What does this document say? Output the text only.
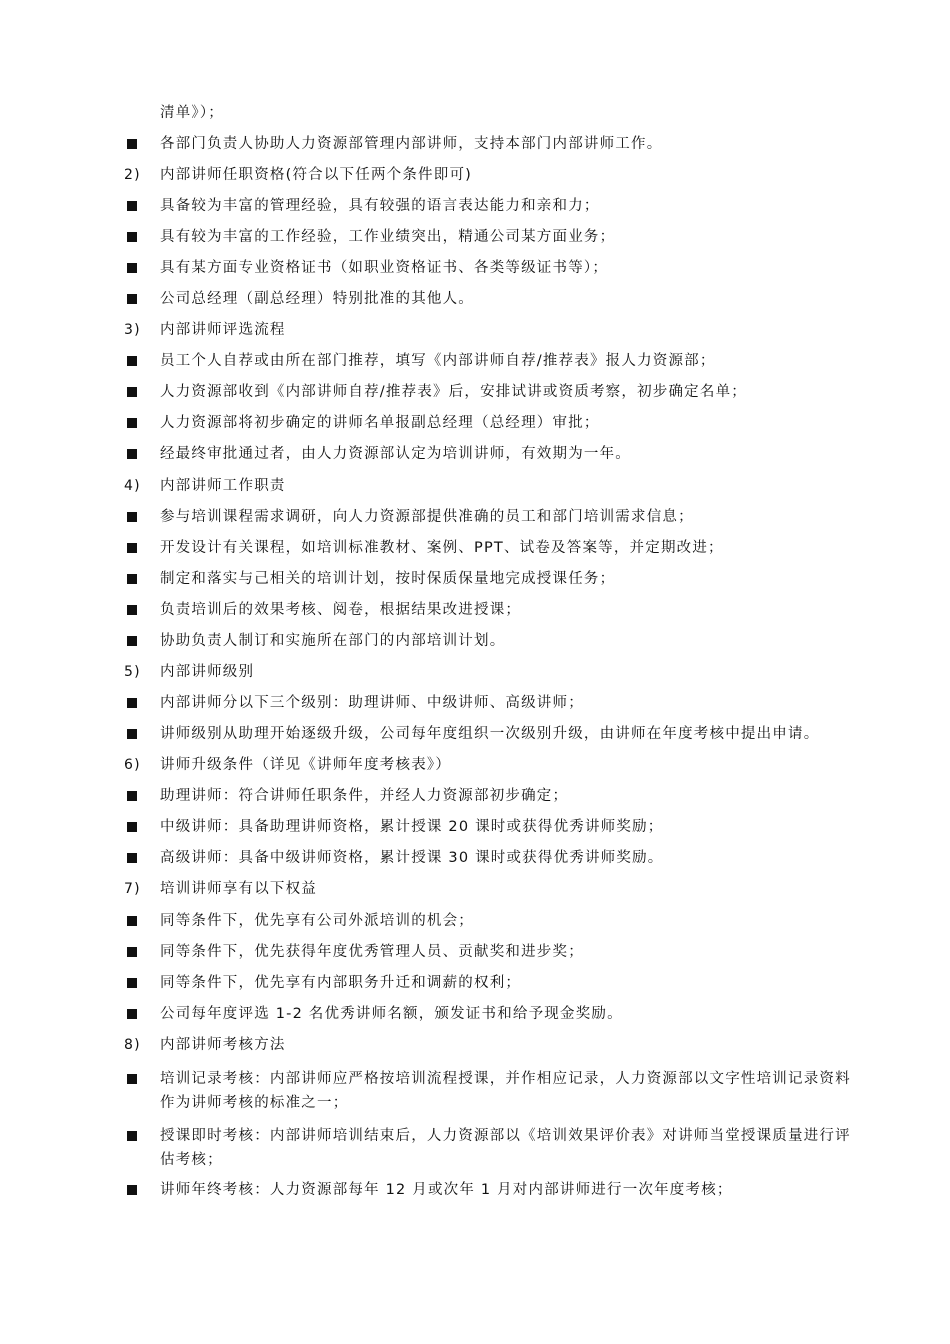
清单》）；
各部门负责人协助人力资源部管理内部讲师，支持本部门内部讲师工作。
2)	内部讲师任职资格(符合以下任两个条件即可)
具备较为丰富的管理经验，具有较强的语言表达能力和亲和力；
具有较为丰富的工作经验，工作业绩突出，精通公司某方面业务；
具有某方面专业资格证书（如职业资格证书、各类等级证书等）；
公司总经理（副总经理）特别批准的其他人。
3)	内部讲师评选流程
员工个人自荐或由所在部门推荐，填写《内部讲师自荐/推荐表》报人力资源部；
人力资源部收到《内部讲师自荐/推荐表》后，安排试讲或资质考察，初步确定名单；
人力资源部将初步确定的讲师名单报副总经理（总经理）审批；
经最终审批通过者，由人力资源部认定为培训讲师，有效期为一年。
4)	内部讲师工作职责
参与培训课程需求调研，向人力资源部提供准确的员工和部门培训需求信息；
开发设计有关课程，如培训标准教材、案例、PPT、试卷及答案等，并定期改进；
制定和落实与己相关的培训计划，按时保质保量地完成授课任务；
负责培训后的效果考核、阅卷，根据结果改进授课；
协助负责人制订和实施所在部门的内部培训计划。
5)	内部讲师级别
内部讲师分以下三个级别：助理讲师、中级讲师、高级讲师；
讲师级别从助理开始逐级升级，公司每年度组织一次级别升级，由讲师在年度考核中提出申请。
6)	讲师升级条件（详见《讲师年度考核表》）
助理讲师：符合讲师任职条件，并经人力资源部初步确定；
中级讲师：具备助理讲师资格，累计授课 20 课时或获得优秀讲师奖励；
高级讲师：具备中级讲师资格，累计授课 30 课时或获得优秀讲师奖励。
7)	培训讲师享有以下权益
同等条件下，优先享有公司外派培训的机会；
同等条件下，优先获得年度优秀管理人员、贡献奖和进步奖；
同等条件下，优先享有内部职务升迁和调薪的权利；
公司每年度评选 1-2 名优秀讲师名额，颁发证书和给予现金奖励。
8)	内部讲师考核方法
培训记录考核：内部讲师应严格按培训流程授课，并作相应记录，人力资源部以文字性培训记录资料作为讲师考核的标准之一；
授课即时考核：内部讲师培训结束后，人力资源部以《培训效果评价表》对讲师当堂授课质量进行评估考核；
讲师年终考核：人力资源部每年 12 月或次年 1 月对内部讲师进行一次年度考核；
